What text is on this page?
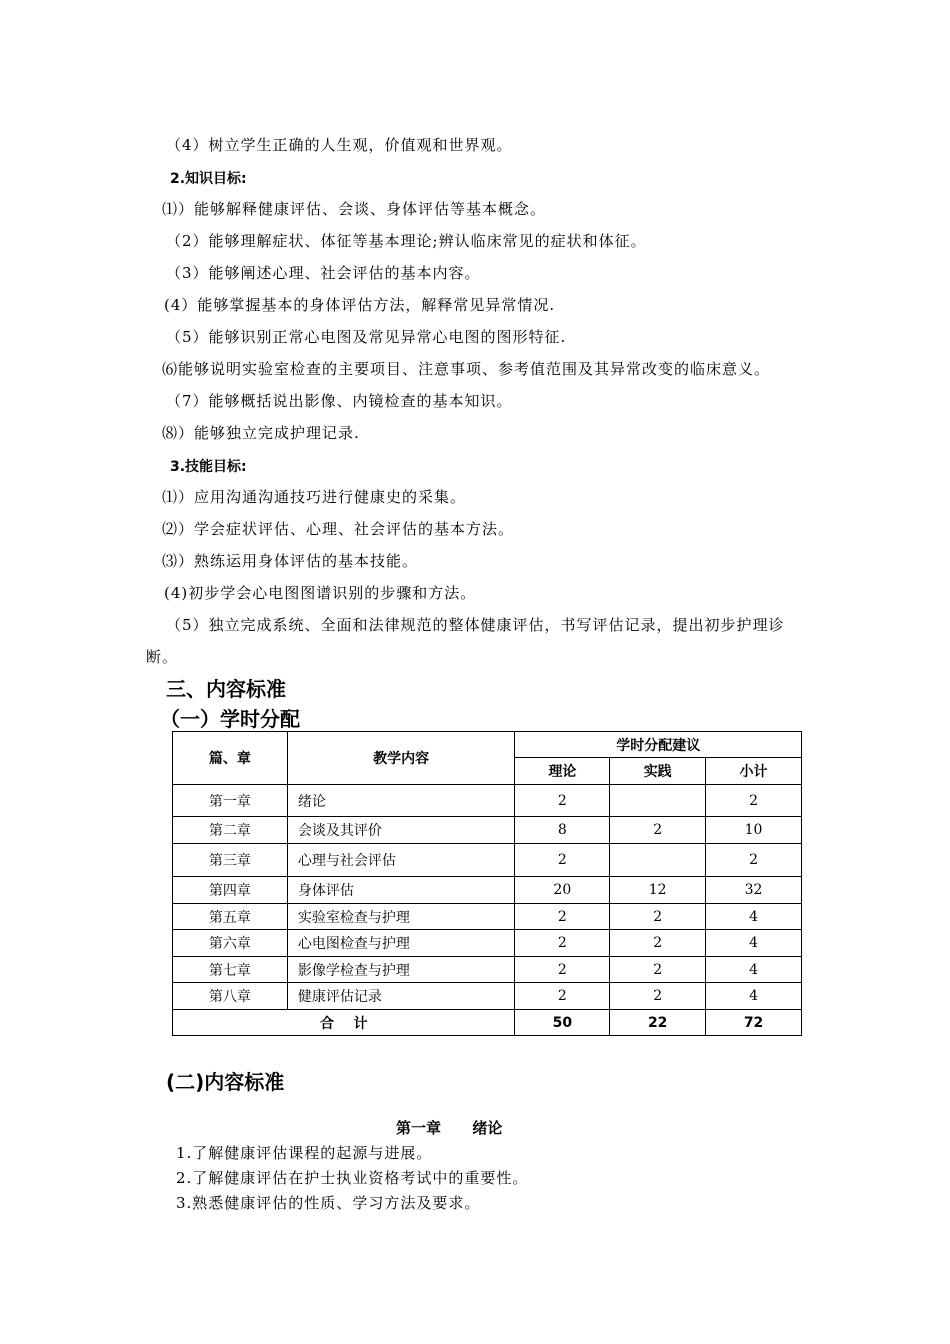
（4）树立学生正确的人生观，价值观和世界观。
2.知识目标:
⑴）能够解释健康评估、会谈、身体评估等基本概念。
（2）能够理解症状、体征等基本理论;辨认临床常见的症状和体征。
（3）能够阐述心理、社会评估的基本内容。
(4）能够掌握基本的身体评估方法，解释常见异常情况.
（5）能够识别正常心电图及常见异常心电图的图形特征.
⑹能够说明实验室检查的主要项目、注意事项、参考值范围及其异常改变的临床意义。
（7）能够概括说出影像、内镜检查的基本知识。
⑻）能够独立完成护理记录.
3.技能目标:
⑴）应用沟通沟通技巧进行健康史的采集。
⑵）学会症状评估、心理、社会评估的基本方法。
⑶）熟练运用身体评估的基本技能。
(4)初步学会心电图图谱识别的步骤和方法。
（5）独立完成系统、全面和法律规范的整体健康评估，书写评估记录，提出初步护理诊
断。
三、内容标准
（一）学时分配
篇、章	教学内容	学时分配建议		
		理论	实践	小计
第一章	绪论	2		2
第二章	会谈及其评价	8	2	10
第三章	心理与社会评估	2		2
第四章	身体评估	20	12	32
第五章	实验室检查与护理	2	2	4
第六章	心电图检查与护理	2	2	4
第七章	影像学检查与护理	2	2	4
第八章	健康评估记录	2	2	4
合    计		50	22	72
(二)内容标准
第一章      绪论
1.了解健康评估课程的起源与进展。
2.了解健康评估在护士执业资格考试中的重要性。
3.熟悉健康评估的性质、学习方法及要求。
